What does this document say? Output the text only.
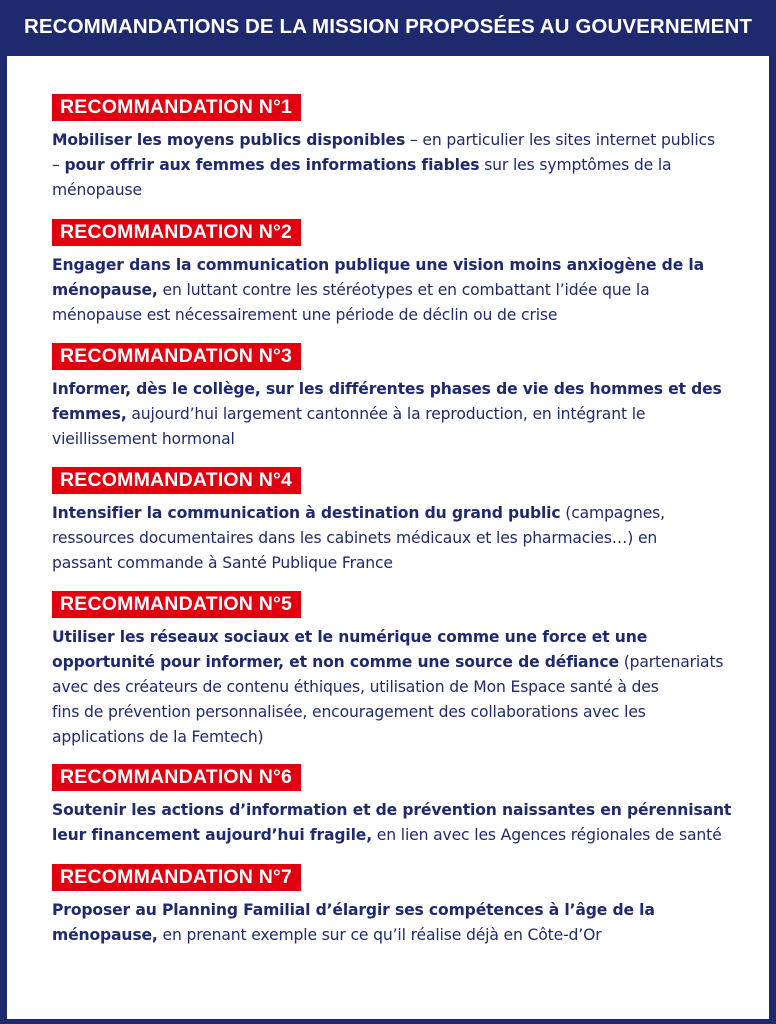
RECOMMANDATIONS DE LA MISSION PROPOSÉES AU GOUVERNEMENT
RECOMMANDATION N°1
Mobiliser les moyens publics disponibles – en particulier les sites internet publics
– pour offrir aux femmes des informations fiables sur les symptômes de la
ménopause
RECOMMANDATION N°2
Engager dans la communication publique une vision moins anxiogène de la
ménopause, en luttant contre les stéréotypes et en combattant l’idée que la
ménopause est nécessairement une période de déclin ou de crise
RECOMMANDATION N°3
Informer, dès le collège, sur les différentes phases de vie des hommes et des
femmes, aujourd’hui largement cantonnée à la reproduction, en intégrant le
vieillissement hormonal
RECOMMANDATION N°4
Intensifier la communication à destination du grand public (campagnes,
ressources documentaires dans les cabinets médicaux et les pharmacies…) en
passant commande à Santé Publique France
RECOMMANDATION N°5
Utiliser les réseaux sociaux et le numérique comme une force et une
opportunité pour informer, et non comme une source de défiance (partenariats
avec des créateurs de contenu éthiques, utilisation de Mon Espace santé à des
fins de prévention personnalisée, encouragement des collaborations avec les
applications de la Femtech)
RECOMMANDATION N°6
Soutenir les actions d’information et de prévention naissantes en pérennisant
leur financement aujourd’hui fragile, en lien avec les Agences régionales de santé
RECOMMANDATION N°7
Proposer au Planning Familial d’élargir ses compétences à l’âge de la
ménopause, en prenant exemple sur ce qu’il réalise déjà en Côte-d’Or
